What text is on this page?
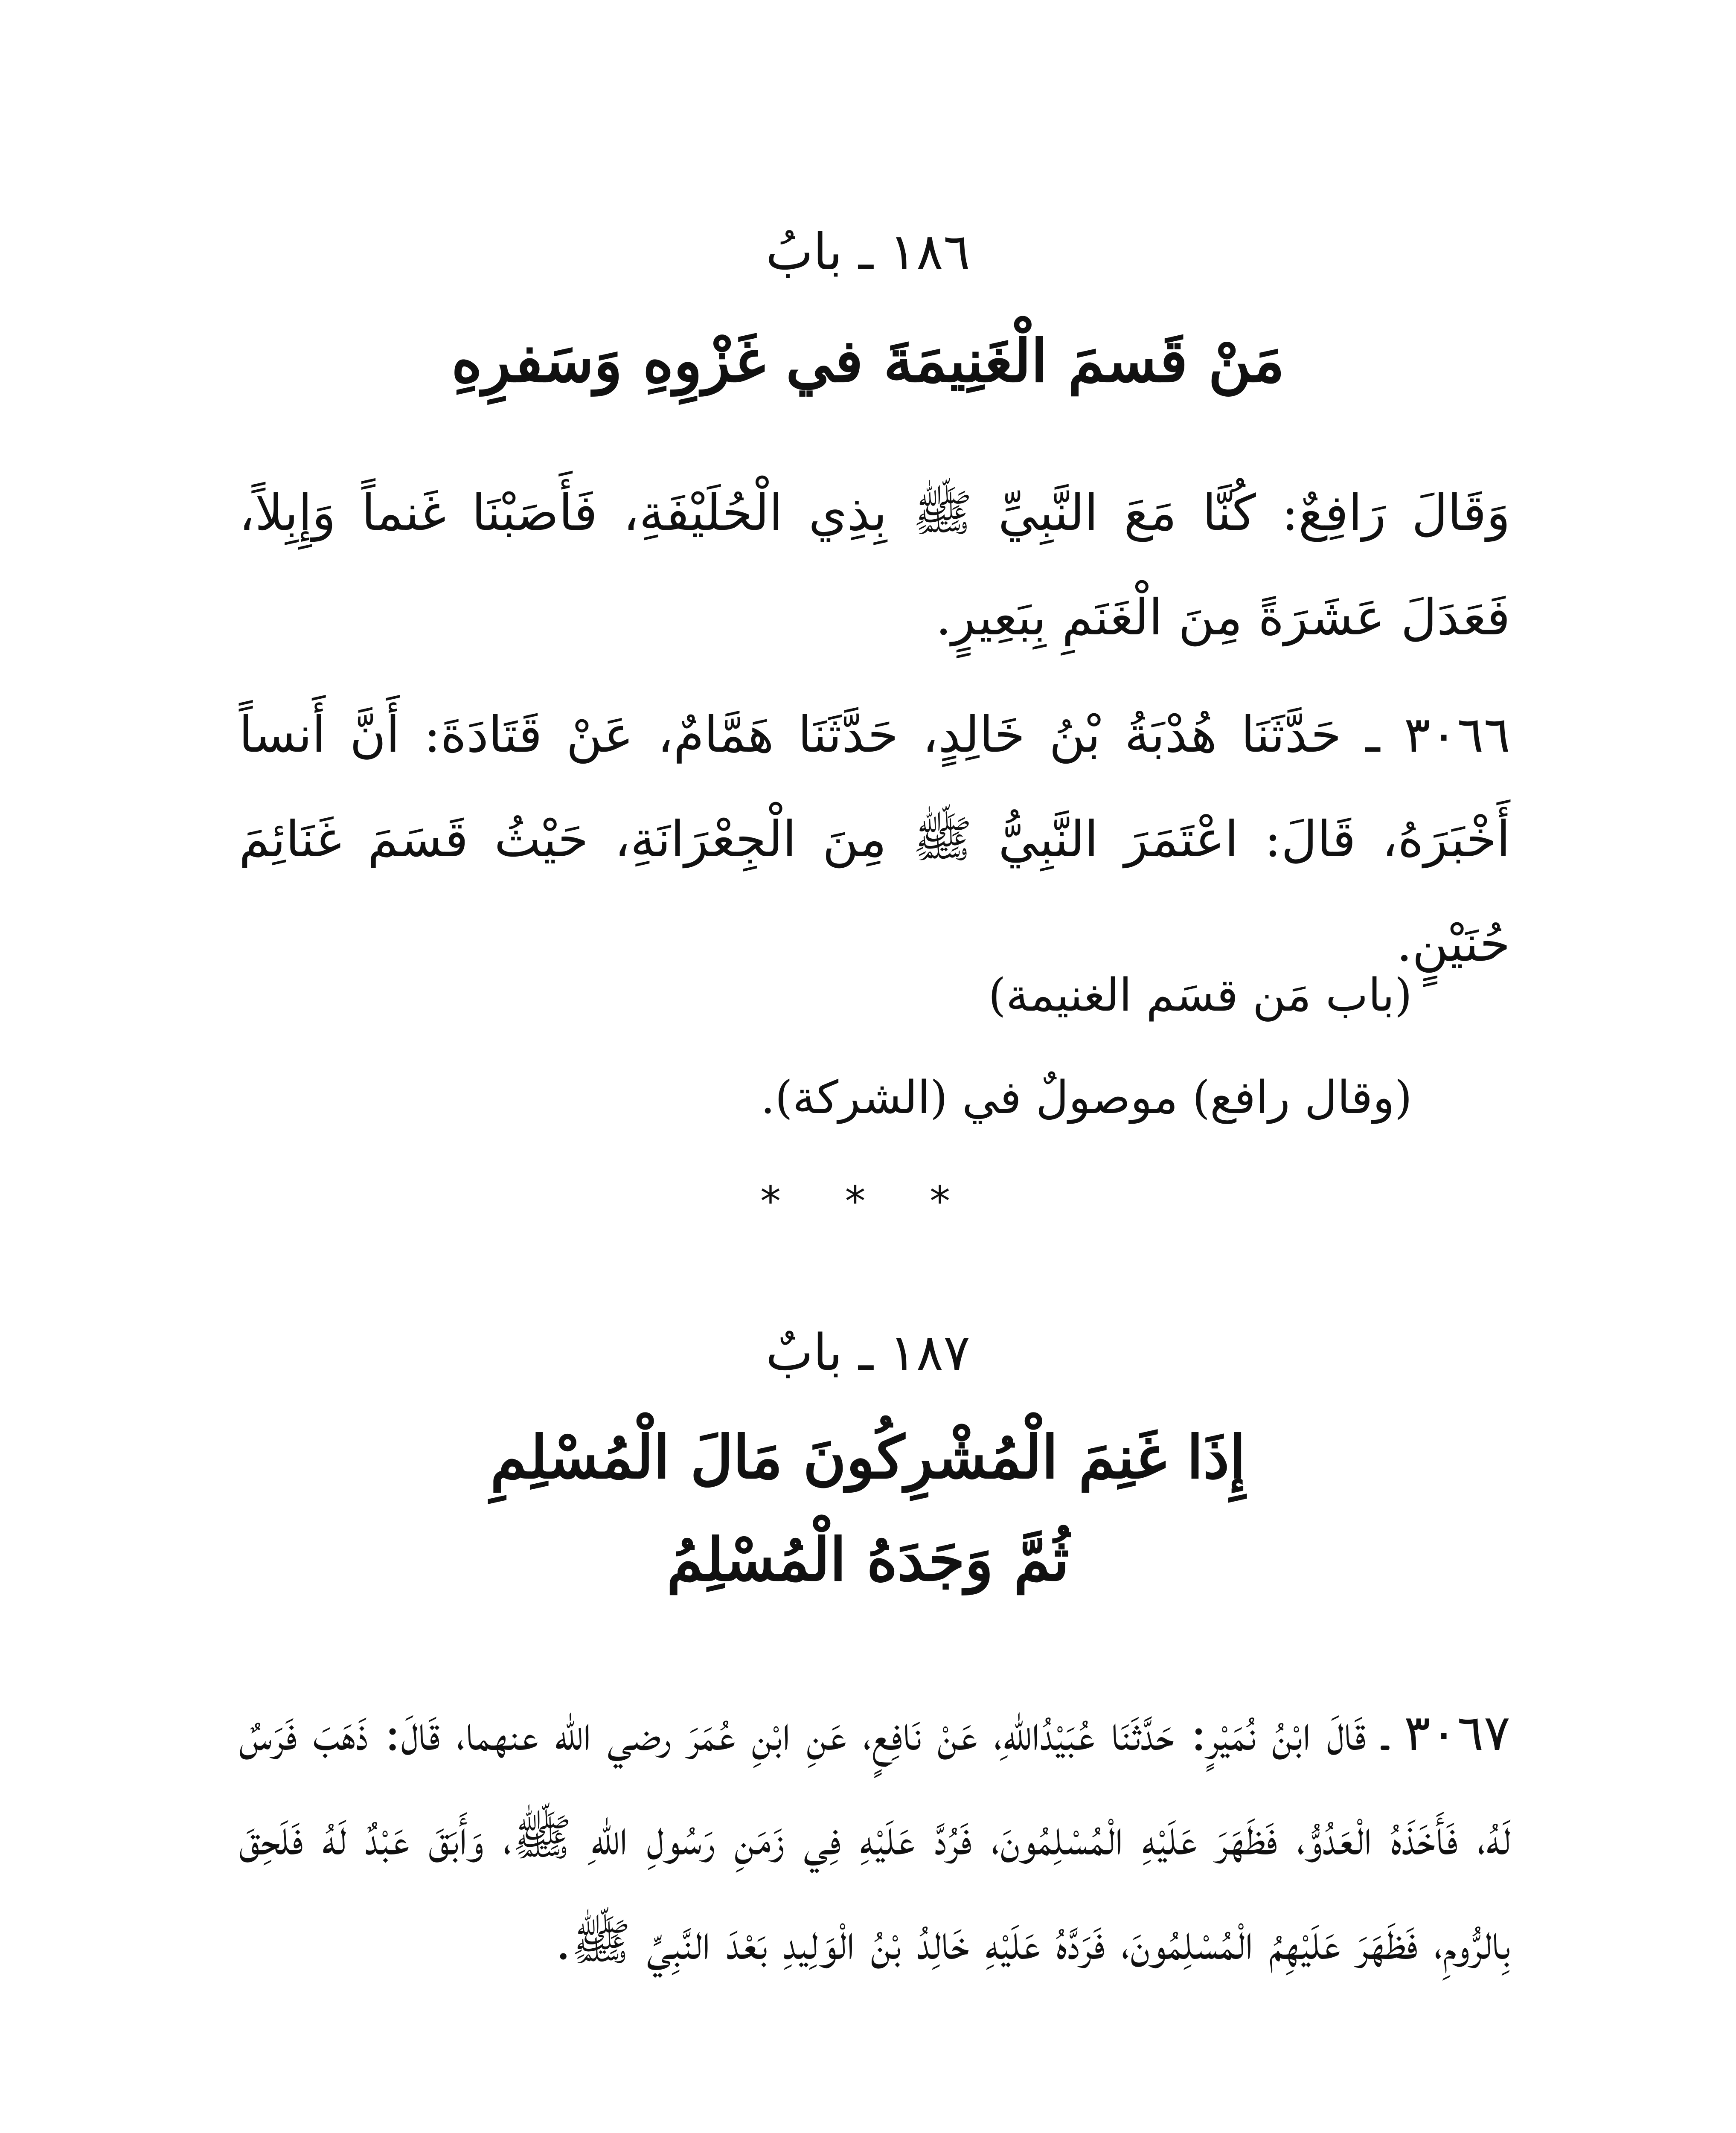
١٨٦ ـ بابُ
مَنْ قَسمَ الْغَنِيمَةَ في غَزْوِهِ وَسَفرِهِ
وَقَالَ رَافِعٌ: كُنَّا مَعَ النَّبِيِّ ﷺ بِذِي الْحُلَيْفَةِ، فَأَصَبْنَا غَنماً وَإِبِلاً، فَعَدَلَ عَشَرَةً مِنَ الْغَنَمِ بِبَعِيرٍ.
٣٠٦٦ ـ حَدَّثَنَا هُدْبَةُ بْنُ خَالِدٍ، حَدَّثَنَا هَمَّامٌ، عَنْ قَتَادَةَ: أَنَّ أَنساً أَخْبَرَهُ، قَالَ: اعْتَمَرَ النَّبِيُّ ﷺ مِنَ الْجِعْرَانَةِ، حَيْثُ قَسَمَ غَنَائِمَ حُنَيْنٍ.
(باب مَن قسَم الغنيمة)
(وقال رافع) موصولٌ في (الشركة).
* * *
١٨٧ ـ بابٌ
إِذَا غَنِمَ الْمُشْرِكُونَ مَالَ الْمُسْلِمِ
ثُمَّ وَجَدَهُ الْمُسْلِمُ
٣٠٦٧ ـ قَالَ ابْنُ نُمَيْرٍ: حَدَّثَنَا عُبَيْدُاللهِ، عَنْ نَافِعٍ، عَنِ ابْنِ عُمَرَ رضي الله عنهما، قَالَ: ذَهَبَ فَرَسٌ لَهُ، فَأَخَذَهُ الْعَدُوُّ، فَظَهَرَ عَلَيْهِ الْمُسْلِمُونَ، فَرُدَّ عَلَيْهِ فِي زَمَنِ رَسُولِ اللهِ ﷺ، وَأَبَقَ عَبْدٌ لَهُ فَلَحِقَ بِالرُّومِ، فَظَهَرَ عَلَيْهِمُ الْمُسْلِمُونَ، فَرَدَّهُ عَلَيْهِ خَالِدُ بْنُ الْوَلِيدِ بَعْدَ النَّبِيِّ ﷺ.
